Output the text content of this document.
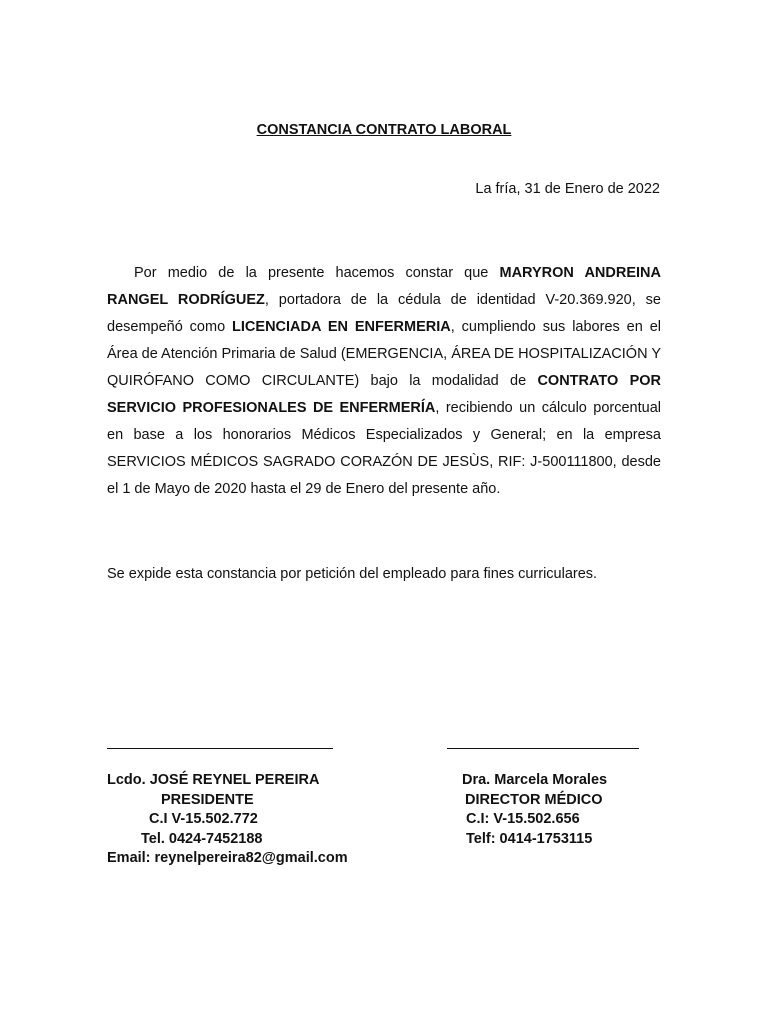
CONSTANCIA CONTRATO LABORAL
La fría, 31 de Enero de 2022
Por medio de la presente hacemos constar que MARYRON ANDREINA RANGEL RODRÍGUEZ, portadora de la cédula de identidad V-20.369.920, se desempeñó como LICENCIADA EN ENFERMERIA, cumpliendo sus labores en el Área de Atención Primaria de Salud (EMERGENCIA, ÁREA DE HOSPITALIZACIÓN Y QUIRÓFANO COMO CIRCULANTE) bajo la modalidad de CONTRATO POR SERVICIO PROFESIONALES DE ENFERMERÍA, recibiendo un cálculo porcentual en base a los honorarios Médicos Especializados y General; en la empresa SERVICIOS MÉDICOS SAGRADO CORAZÓN DE JESÙS, RIF: J-500111800, desde el 1 de Mayo de 2020 hasta el 29 de Enero del presente año.
Se expide esta constancia por petición del empleado para fines curriculares.
Lcdo. JOSÉ REYNEL PEREIRA
PRESIDENTE
C.I V-15.502.772
Tel. 0424-7452188
Email: reynelpereira82@gmail.com
Dra. Marcela Morales
DIRECTOR MÉDICO
C.I: V-15.502.656
Telf: 0414-1753115
